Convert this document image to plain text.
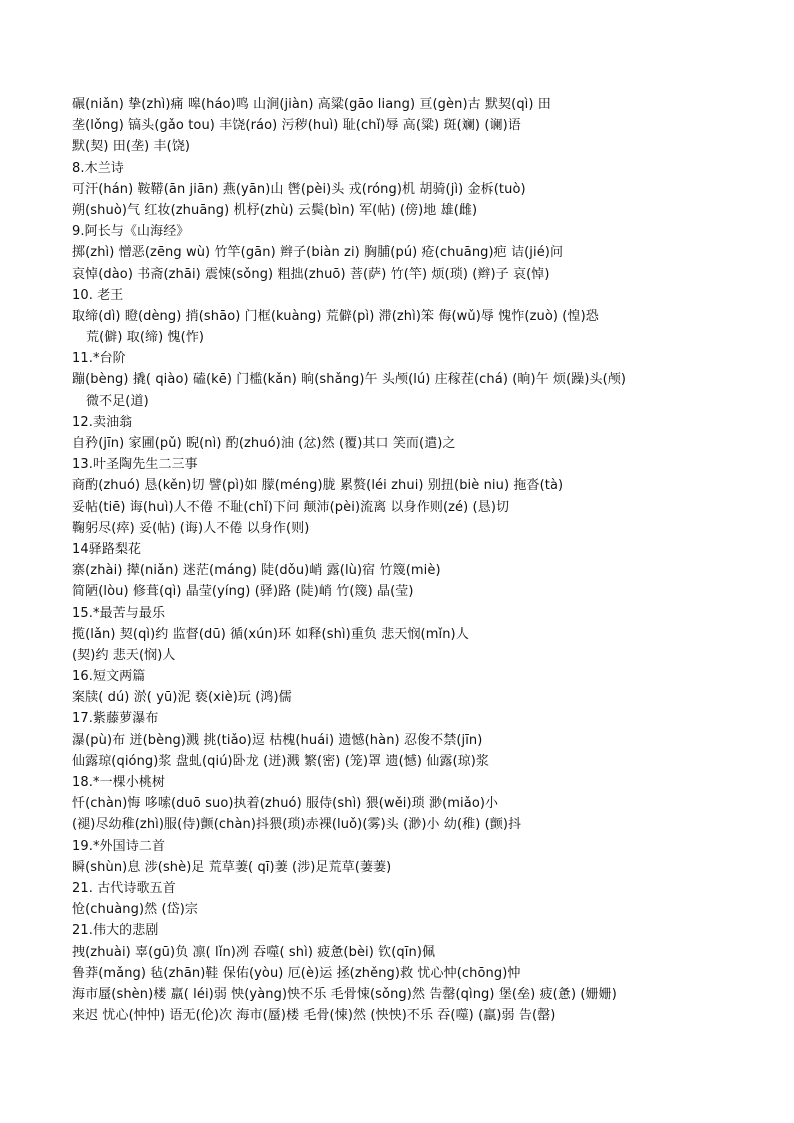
碾(niǎn) 挚(zhì)痛 嗥(háo)鸣 山涧(jiàn) 高粱(gāo liang) 亘(gèn)古 默契(qì) 田
垄(lǒng) 镐头(gǎo tou) 丰饶(ráo) 污秽(huì) 耻(chǐ)辱 高(粱) 斑(斓) (谰)语
默(契) 田(垄) 丰(饶)
8.木兰诗
可汗(hán) 鞍鞯(ān jiān) 燕(yān)山 辔(pèi)头 戎(róng)机 胡骑(jì) 金柝(tuò)
朔(shuò)气 红妆(zhuāng) 机杼(zhù) 云鬓(bìn) 军(帖) (傍)地 雄(雌)
9.阿长与《山海经》
掷(zhì) 憎恶(zēng wù) 竹竿(gān) 辫子(biàn zi) 胸脯(pú) 疮(chuāng)疤 诘(jié)问
哀悼(dào) 书斋(zhāi) 震悚(sǒng) 粗拙(zhuō) 菩(萨) 竹(竿) 烦(琐) (辫)子 哀(悼)
10. 老王
取缔(dì) 瞪(dèng) 捎(shāo) 门框(kuàng) 荒僻(pì) 滞(zhì)笨 侮(wǔ)辱 愧怍(zuò) (惶)恐
荒(僻) 取(缔) 愧(怍)
11.*台阶
蹦(bèng) 撬( qiào) 磕(kē) 门槛(kǎn) 晌(shǎng)午 头颅(lú) 庄稼茬(chá) (晌)午 烦(躁)头(颅)
微不足(道)
12.卖油翁
自矜(jīn) 家圃(pǔ) 睨(nì) 酌(zhuó)油 (忿)然 (覆)其口 笑而(遣)之
13.叶圣陶先生二三事
商酌(zhuó) 恳(kěn)切 譬(pì)如 朦(méng)胧 累赘(léi zhui) 别扭(biè niu) 拖沓(tà)
妥帖(tiē) 诲(huì)人不倦 不耻(chǐ)下问 颠沛(pèi)流离 以身作则(zé) (恳)切
鞠躬尽(瘁) 妥(帖) (诲)人不倦 以身作(则)
14驿路梨花
寨(zhài) 撵(niǎn) 迷茫(máng) 陡(dǒu)峭 露(lù)宿 竹篾(miè)
简陋(lòu) 修葺(qì) 晶莹(yíng) (驿)路 (陡)峭 竹(篾) 晶(莹)
15.*最苦与最乐
揽(lǎn) 契(qì)约 监督(dū) 循(xún)环 如释(shì)重负 悲天悯(mǐn)人
(契)约 悲天(悯)人
16.短文两篇
案牍( dú) 淤( yū)泥 亵(xiè)玩 (鸿)儒
17.紫藤萝瀑布
瀑(pù)布 迸(bèng)溅 挑(tiǎo)逗 枯槐(huái) 遗憾(hàn) 忍俊不禁(jīn)
仙露琼(qióng)浆 盘虬(qiú)卧龙 (迸)溅 繁(密) (笼)罩 遗(憾) 仙露(琼)浆
18.*一棵小桃树
忏(chàn)悔 哆嗦(duō suo)执着(zhuó) 服侍(shì) 猥(wěi)琐 渺(miǎo)小
(褪)尽幼稚(zhì)服(侍)颤(chàn)抖猥(琐)赤裸(luǒ)(雾)头 (渺)小 幼(稚) (颤)抖
19.*外国诗二首
瞬(shùn)息 涉(shè)足 荒草萋( qī)萋 (涉)足荒草(萋萋)
21. 古代诗歌五首
怆(chuàng)然 (岱)宗
21.伟大的悲剧
拽(zhuài) 辜(gū)负 凛( lǐn)冽 吞噬( shì) 疲惫(bèi) 钦(qīn)佩
鲁莽(mǎng) 毡(zhān)鞋 保佑(yòu) 厄(è)运 拯(zhěng)救 忧心忡(chōng)忡
海市蜃(shèn)楼 羸( léi)弱 怏(yàng)怏不乐 毛骨悚(sǒng)然 告罄(qìng) 堡(垒) 疲(惫) (姗姗)
来迟 忧心(忡忡) 语无(伦)次 海市(蜃)楼 毛骨(悚)然 (怏怏)不乐 吞(噬) (羸)弱 告(罄)
